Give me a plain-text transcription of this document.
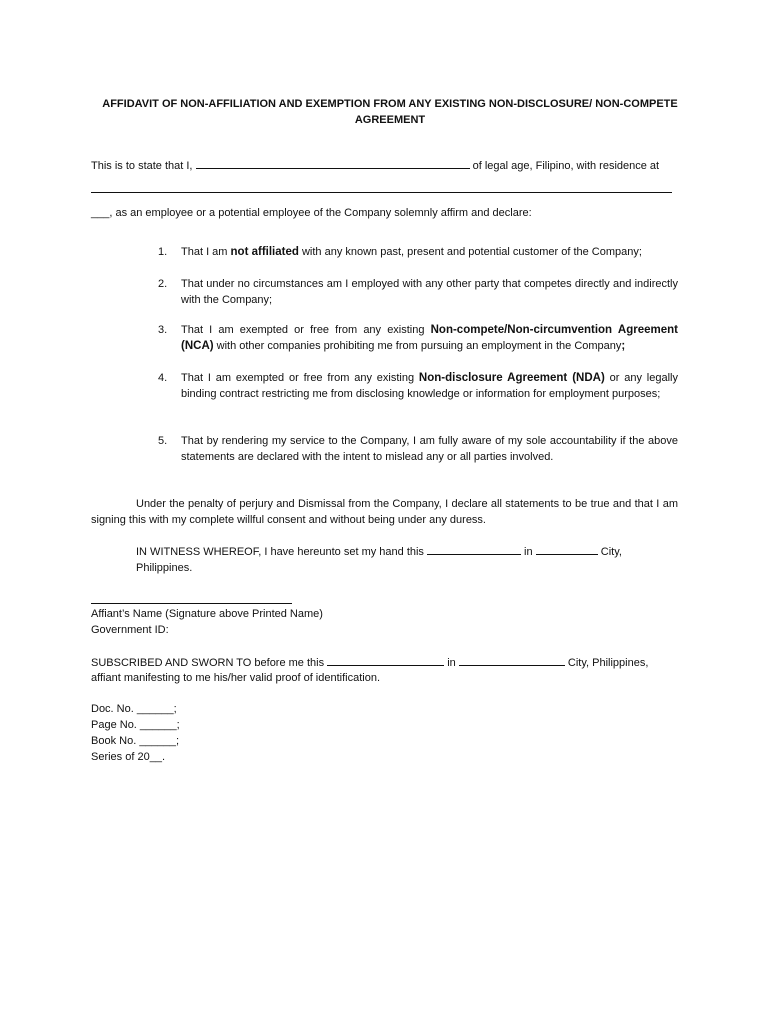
AFFIDAVIT OF NON-AFFILIATION AND EXEMPTION FROM ANY EXISTING NON-DISCLOSURE/ NON-COMPETE AGREEMENT
This is to state that I,	of legal age, Filipino, with residence at
___, as an employee or a potential employee of the Company solemnly affirm and declare:
1.	That I am not affiliated with any known past, present and potential customer of the Company;
2.	That under no circumstances am I employed with any other party that competes directly and indirectly with the Company;
3.	That I am exempted or free from any existing Non-compete/Non-circumvention Agreement (NCA) with other companies prohibiting me from pursuing an employment in the Company;
4.	That I am exempted or free from any existing Non-disclosure Agreement (NDA) or any legally binding contract restricting me from disclosing knowledge or information for employment purposes;
5.	That by rendering my service to the Company, I am fully aware of my sole accountability if the above statements are declared with the intent to mislead any or all parties involved.
Under the penalty of perjury and Dismissal from the Company, I declare all statements to be true and that I am signing this with my complete willful consent and without being under any duress.
IN WITNESS WHEREOF, I have hereunto set my hand this	in	City, Philippines.
Affiant’s Name (Signature above Printed Name)
Government ID:
SUBSCRIBED AND SWORN TO before me this	in	City, Philippines,
affiant manifesting to me his/her valid proof of identification.
Doc. No. ______;
Page No. ______;
Book No. ______;
Series of 20__.
